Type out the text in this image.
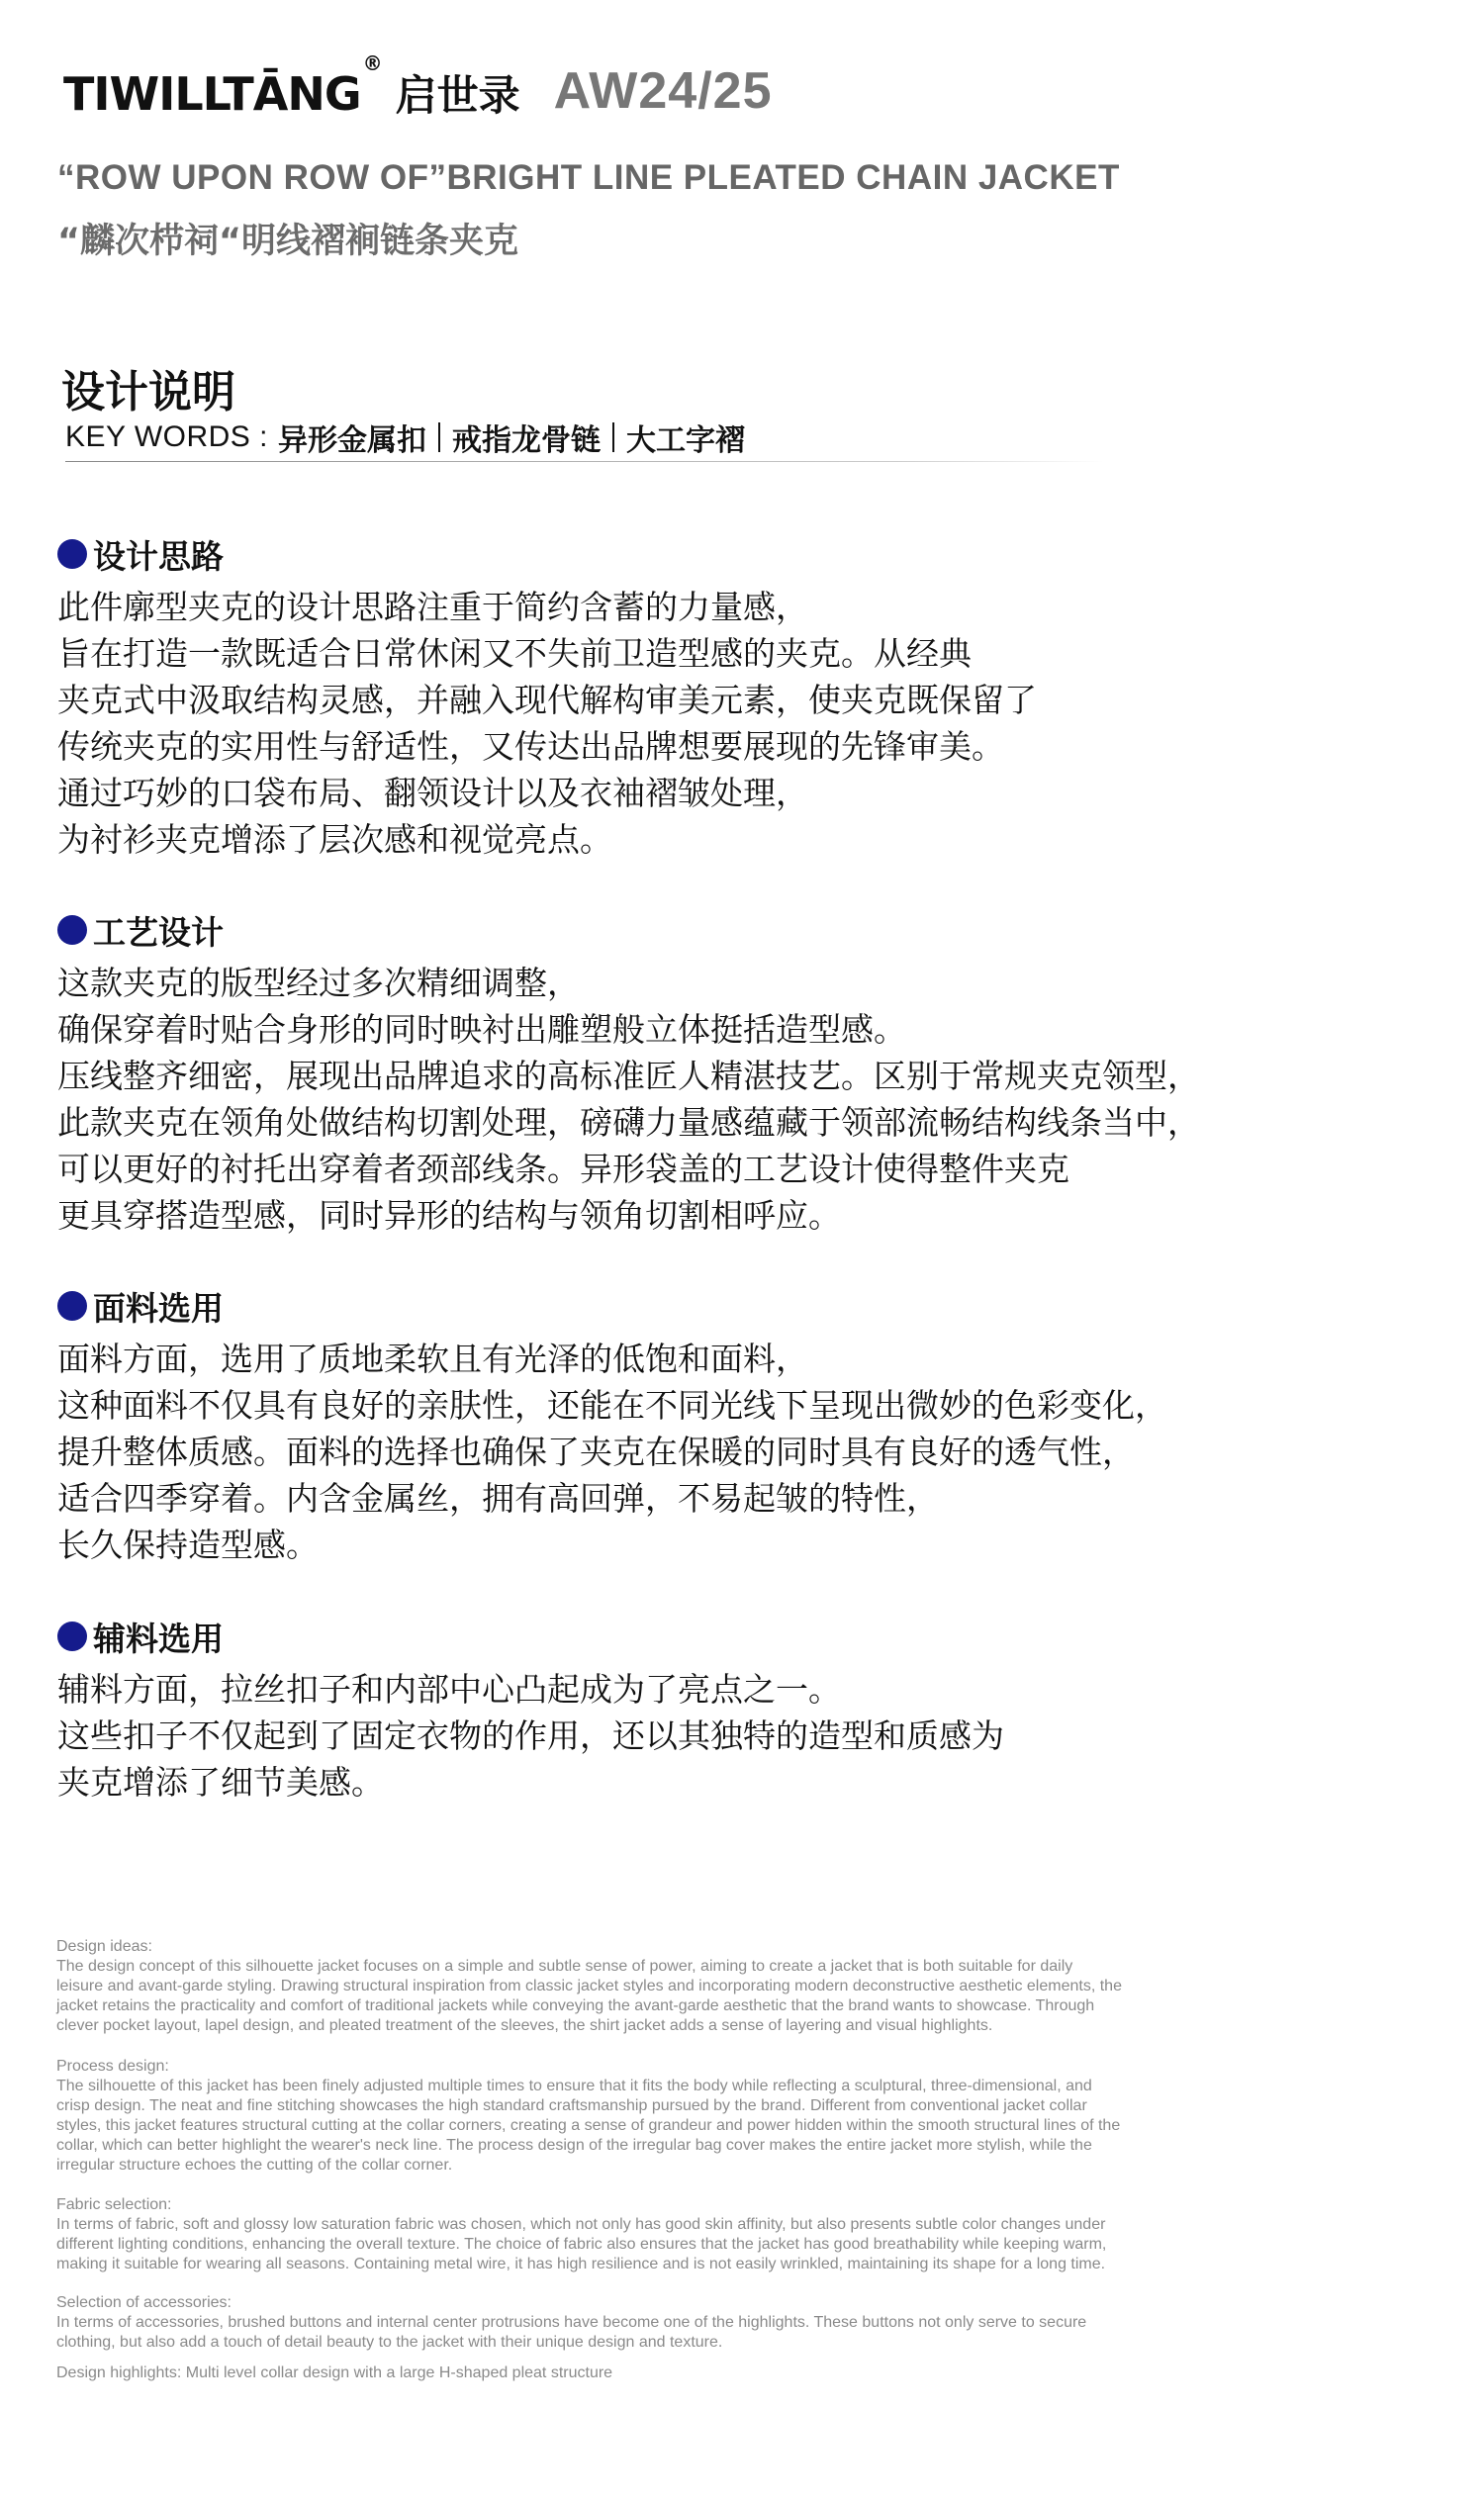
TIWILLTĀNG®
启世录 AW24/25
“ROW UPON ROW OF”BRIGHT LINE PLEATED CHAIN JACKET
“麟次栉祠“明线褶裥链条夹克
设计说明
KEY WORDS : 异形金属扣 戒指龙骨链 大工字褶
设计思路
此件廓型夹克的设计思路注重于简约含蓄的力量感，
旨在打造一款既适合日常休闲又不失前卫造型感的夹克。从经典
夹克式中汲取结构灵感，并融入现代解构审美元素，使夹克既保留了
传统夹克的实用性与舒适性，又传达出品牌想要展现的先锋审美。
通过巧妙的口袋布局、翻领设计以及衣袖褶皱处理，
为衬衫夹克增添了层次感和视觉亮点。
工艺设计
这款夹克的版型经过多次精细调整，
确保穿着时贴合身形的同时映衬出雕塑般立体挺括造型感。
压线整齐细密，展现出品牌追求的高标准匠人精湛技艺。区别于常规夹克领型，
此款夹克在领角处做结构切割处理，磅礴力量感蕴藏于领部流畅结构线条当中，
可以更好的衬托出穿着者颈部线条。异形袋盖的工艺设计使得整件夹克
更具穿搭造型感，同时异形的结构与领角切割相呼应。
面料选用
面料方面，选用了质地柔软且有光泽的低饱和面料，
这种面料不仅具有良好的亲肤性，还能在不同光线下呈现出微妙的色彩变化，
提升整体质感。面料的选择也确保了夹克在保暖的同时具有良好的透气性，
适合四季穿着。内含金属丝，拥有高回弹，不易起皱的特性，
长久保持造型感。
辅料选用
辅料方面，拉丝扣子和内部中心凸起成为了亮点之一。
这些扣子不仅起到了固定衣物的作用，还以其独特的造型和质感为
夹克增添了细节美感。
Design ideas:
The design concept of this silhouette jacket focuses on a simple and subtle sense of power, aiming to create a jacket that is both suitable for daily
leisure and avant-garde styling. Drawing structural inspiration from classic jacket styles and incorporating modern deconstructive aesthetic elements, the
jacket retains the practicality and comfort of traditional jackets while conveying the avant-garde aesthetic that the brand wants to showcase. Through
clever pocket layout, lapel design, and pleated treatment of the sleeves, the shirt jacket adds a sense of layering and visual highlights.
Process design:
The silhouette of this jacket has been finely adjusted multiple times to ensure that it fits the body while reflecting a sculptural, three-dimensional, and
crisp design. The neat and fine stitching showcases the high standard craftsmanship pursued by the brand. Different from conventional jacket collar
styles, this jacket features structural cutting at the collar corners, creating a sense of grandeur and power hidden within the smooth structural lines of the
collar, which can better highlight the wearer's neck line. The process design of the irregular bag cover makes the entire jacket more stylish, while the
irregular structure echoes the cutting of the collar corner.
Fabric selection:
In terms of fabric, soft and glossy low saturation fabric was chosen, which not only has good skin affinity, but also presents subtle color changes under
different lighting conditions, enhancing the overall texture. The choice of fabric also ensures that the jacket has good breathability while keeping warm,
making it suitable for wearing all seasons. Containing metal wire, it has high resilience and is not easily wrinkled, maintaining its shape for a long time.
Selection of accessories:
In terms of accessories, brushed buttons and internal center protrusions have become one of the highlights. These buttons not only serve to secure
clothing, but also add a touch of detail beauty to the jacket with their unique design and texture.
Design highlights: Multi level collar design with a large H-shaped pleat structure
